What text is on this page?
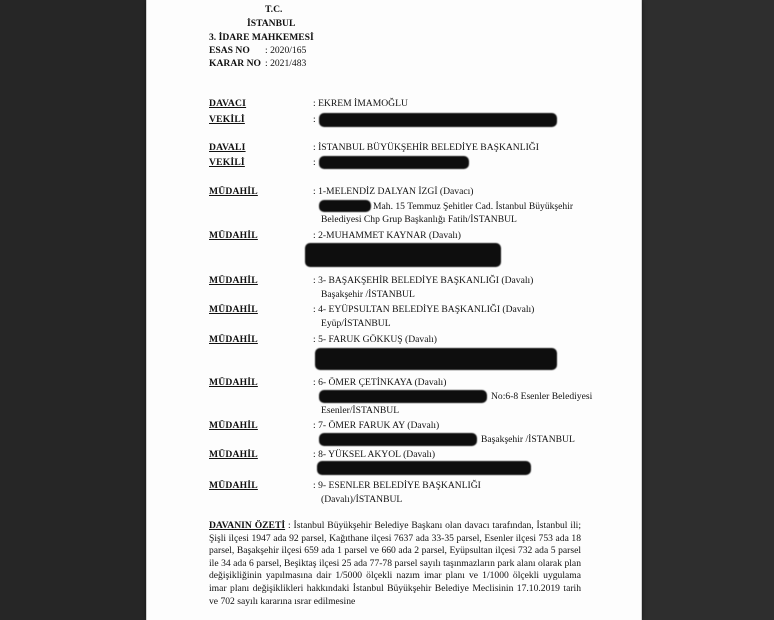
T.C.
İSTANBUL
3. İDARE MAHKEMESİ
ESAS NO : 2020/165
KARAR NO : 2021/483
DAVACI	: EKREM İMAMOĞLU
VEKİLİ	:
DAVALI	: İSTANBUL BÜYÜKŞEHİR BELEDİYE BAŞKANLIĞI
VEKİLİ	:
MÜDAHİL	: 1-MELENDİZ DALYAN İZGİ (Davacı)
Mah. 15 Temmuz Şehitler Cad. İstanbul Büyükşehir
Belediyesi Chp Grup Başkanlığı Fatih/İSTANBUL
MÜDAHİL	: 2-MUHAMMET KAYNAR (Davalı)
MÜDAHİL	: 3- BAŞAKŞEHİR BELEDİYE BAŞKANLIĞI (Davalı)
Başakşehir /İSTANBUL
MÜDAHİL	: 4- EYÜPSULTAN BELEDİYE BAŞKANLIĞI (Davalı)
Eyüp/İSTANBUL
MÜDAHİL	: 5- FARUK GÖKKUŞ (Davalı)
MÜDAHİL	: 6- ÖMER ÇETİNKAYA (Davalı)
No:6-8 Esenler Belediyesi
Esenler/İSTANBUL
MÜDAHİL	: 7- ÖMER FARUK AY (Davalı)
Başakşehir /İSTANBUL
MÜDAHİL	: 8- YÜKSEL AKYOL (Davalı)
MÜDAHİL	: 9- ESENLER BELEDİYE BAŞKANLIĞI
(Davalı)/İSTANBUL
DAVANIN ÖZETİ : İstanbul Büyükşehir Belediye Başkanı olan davacı tarafından, İstanbul ili; Şişli ilçesi 1947 ada 92 parsel, Kağıthane ilçesi 7637 ada 33-35 parsel, Esenler ilçesi 753 ada 18 parsel, Başakşehir ilçesi 659 ada 1 parsel ve 660 ada 2 parsel, Eyüpsultan ilçesi 732 ada 5 parsel ile 34 ada 6 parsel, Beşiktaş ilçesi 25 ada 77-78 parsel sayılı taşınmazların park alanı olarak plan değişikliğinin yapılmasına dair 1/5000 ölçekli nazım imar planı ve 1/1000 ölçekli uygulama imar planı değişiklikleri hakkındaki İstanbul Büyükşehir Belediye Meclisinin 17.10.2019 tarih ve 702 sayılı kararına ısrar edilmesine
